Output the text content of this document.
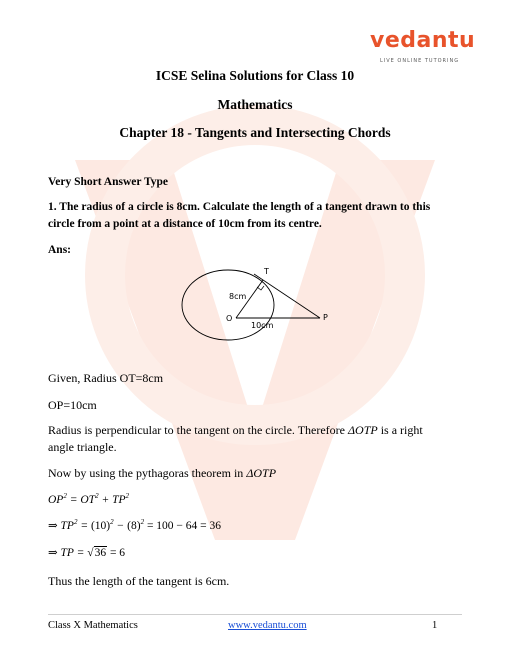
vedantu
LIVE ONLINE TUTORING
ICSE Selina Solutions for Class 10
Mathematics
Chapter 18 - Tangents and Intersecting Chords
Very Short Answer Type
1. The radius of a circle is 8cm. Calculate the length of a tangent drawn to this
circle from a point at a distance of 10cm from its centre.
Ans:
T
8cm
O
10cm
P
Given, Radius OT=8cm
OP=10cm
Radius is perpendicular to the tangent on the circle. Therefore ΔOTP is a right
angle triangle.
Now by using the pythagoras theorem in ΔOTP
$OP^2 = OT^2 + TP^2$
⇒ $TP^2 = (10)^2 - (8)^2 = 100 - 64 = 36$
⇒ TP = √36 = 6
Thus the length of the tangent is 6cm.
Class X Mathematics	www.vedantu.com	1
